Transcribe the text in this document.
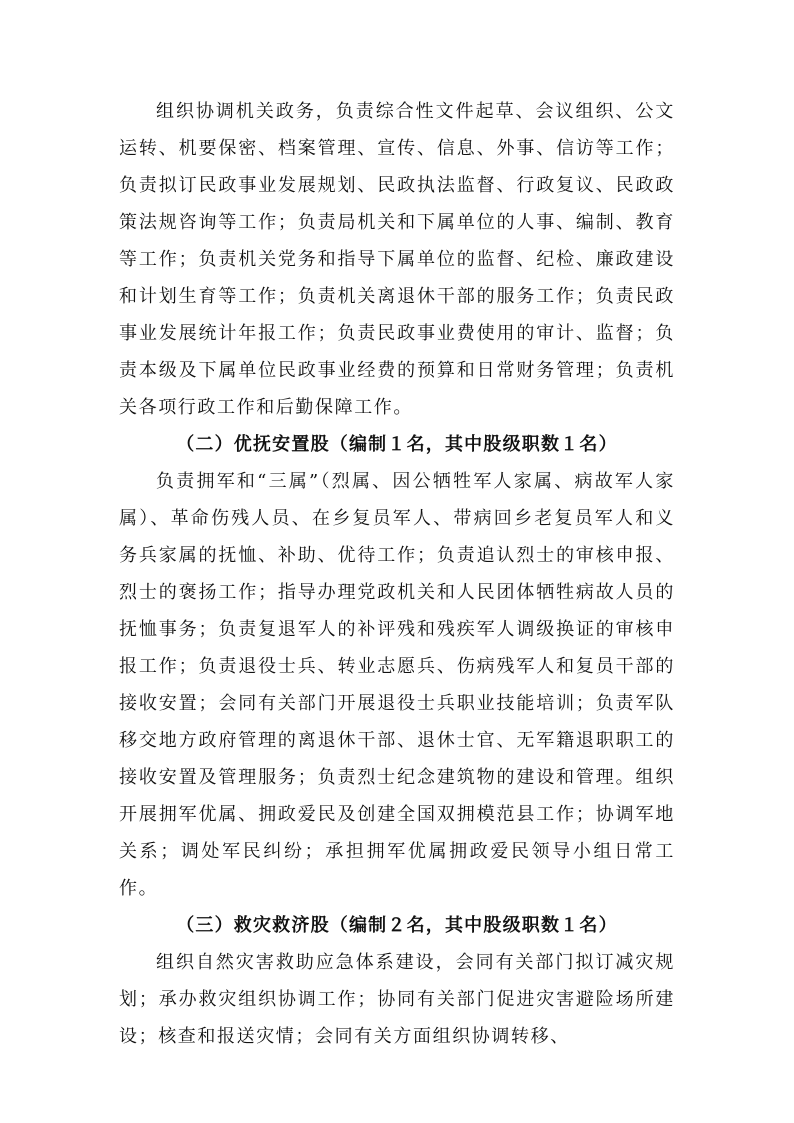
组织协调机关政务，负责综合性文件起草、会议组织、公文运转、机要保密、档案管理、宣传、信息、外事、信访等工作；负责拟订民政事业发展规划、民政执法监督、行政复议、民政政策法规咨询等工作；负责局机关和下属单位的人事、编制、教育等工作；负责机关党务和指导下属单位的监督、纪检、廉政建设和计划生育等工作；负责机关离退休干部的服务工作；负责民政事业发展统计年报工作；负责民政事业费使用的审计、监督；负责本级及下属单位民政事业经费的预算和日常财务管理；负责机关各项行政工作和后勤保障工作。

（二）优抚安置股（编制１名，其中股级职数１名）

负责拥军和“三属”（烈属、因公牺牲军人家属、病故军人家属）、革命伤残人员、在乡复员军人、带病回乡老复员军人和义务兵家属的抚恤、补助、优待工作；负责追认烈士的审核申报、烈士的褒扬工作；指导办理党政机关和人民团体牺牲病故人员的抚恤事务；负责复退军人的补评残和残疾军人调级换证的审核申报工作；负责退役士兵、转业志愿兵、伤病残军人和复员干部的接收安置；会同有关部门开展退役士兵职业技能培训；负责军队移交地方政府管理的离退休干部、退休士官、无军籍退职职工的接收安置及管理服务；负责烈士纪念建筑物的建设和管理。组织开展拥军优属、拥政爱民及创建全国双拥模范县工作；协调军地关系；调处军民纠纷；承担拥军优属拥政爱民领导小组日常工作。

（三）救灾救济股（编制２名，其中股级职数１名）

组织自然灾害救助应急体系建设，会同有关部门拟订减灾规划；承办救灾组织协调工作；协同有关部门促进灾害避险场所建设；核查和报送灾情；会同有关方面组织协调转移、
